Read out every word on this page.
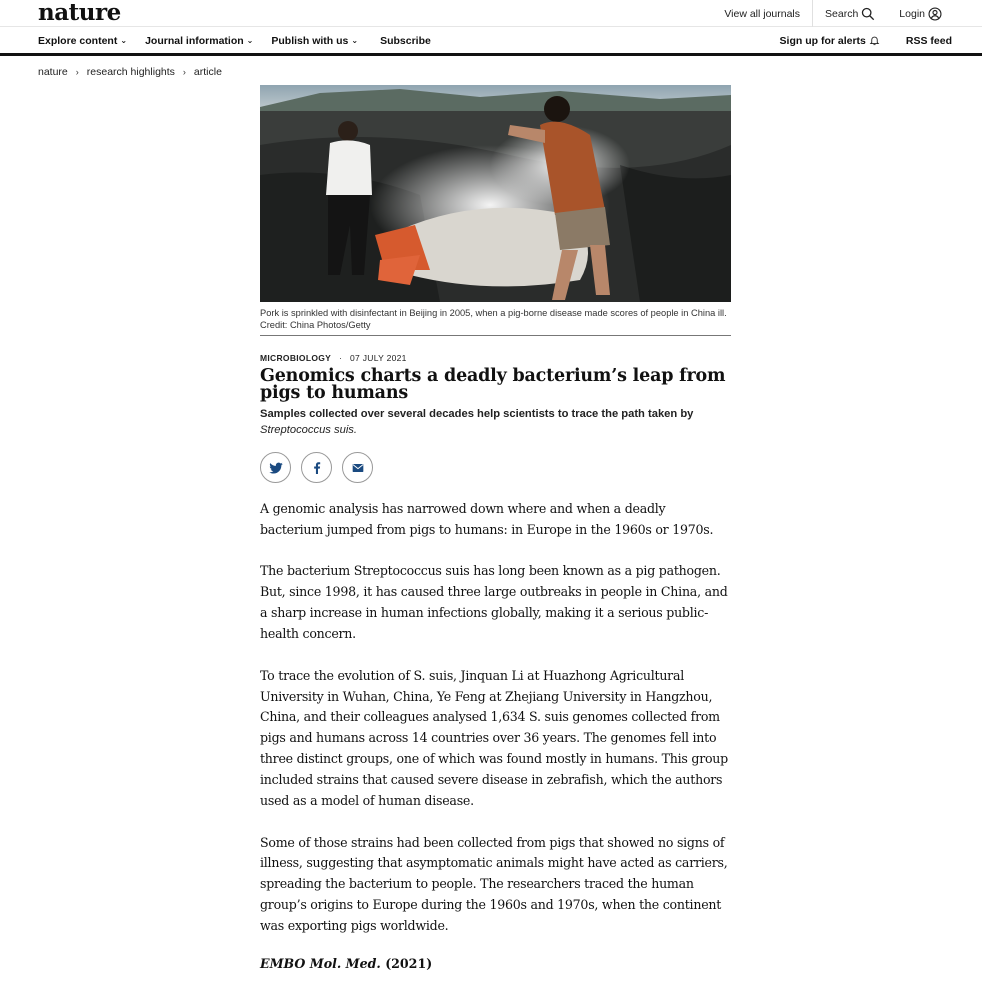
nature	View all journals Search	Login
Explore content ⌄ Journal information ⌄ Publish with us ⌄ Subscribe	Sign up for alerts	RSS feed
nature › research highlights › article
Pork is sprinkled with disinfectant in Beijing in 2005, when a pig-borne disease made scores of people in China ill. Credit: China Photos/Getty
MICROBIOLOGY · 07 JULY 2021
Genomics charts a deadly bacterium’s leap from pigs to humans
Samples collected over several decades help scientists to trace the path taken by Streptococcus suis.

A genomic analysis has narrowed down where and when a deadly bacterium jumped from pigs to humans: in Europe in the 1960s or 1970s.

The bacterium Streptococcus suis has long been known as a pig pathogen. But, since 1998, it has caused three large outbreaks in people in China, and a sharp increase in human infections globally, making it a serious public-health concern.

To trace the evolution of S. suis, Jinquan Li at Huazhong Agricultural University in Wuhan, China, Ye Feng at Zhejiang University in Hangzhou, China, and their colleagues analysed 1,634 S. suis genomes collected from pigs and humans across 14 countries over 36 years. The genomes fell into three distinct groups, one of which was found mostly in humans. This group included strains that caused severe disease in zebrafish, which the authors used as a model of human disease.

Some of those strains had been collected from pigs that showed no signs of illness, suggesting that asymptomatic animals might have acted as carriers, spreading the bacterium to people. The researchers traced the human group’s origins to Europe during the 1960s and 1970s, when the continent was exporting pigs worldwide.

EMBO Mol. Med. (2021)
